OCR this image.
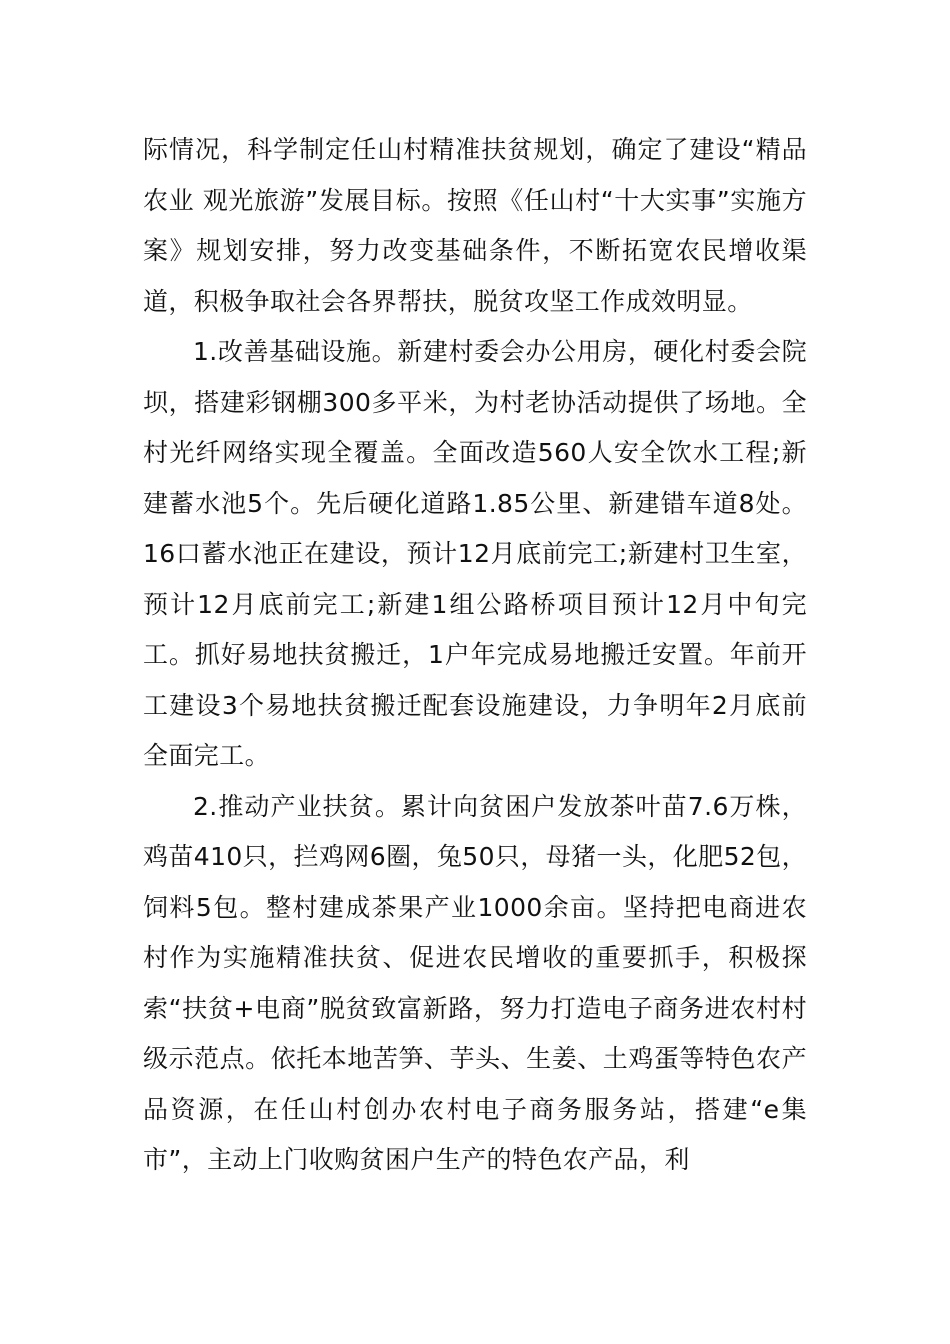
际情况，科学制定任山村精准扶贫规划，确定了建设“精品农业 观光旅游”发展目标。按照《任山村“十大实事”实施方案》规划安排，努力改变基础条件，不断拓宽农民增收渠道，积极争取社会各界帮扶，脱贫攻坚工作成效明显。

1.改善基础设施。新建村委会办公用房，硬化村委会院坝，搭建彩钢棚300多平米，为村老协活动提供了场地。全村光纤网络实现全覆盖。全面改造560人安全饮水工程;新建蓄水池5个。先后硬化道路1.85公里、新建错车道8处。16口蓄水池正在建设，预计12月底前完工;新建村卫生室，预计12月底前完工;新建1组公路桥项目预计12月中旬完工。抓好易地扶贫搬迁，1户年完成易地搬迁安置。年前开工建设3个易地扶贫搬迁配套设施建设，力争明年2月底前全面完工。

2.推动产业扶贫。累计向贫困户发放茶叶苗7.6万株，鸡苗410只，拦鸡网6圈，兔50只，母猪一头，化肥52包，饲料5包。整村建成茶果产业1000余亩。坚持把电商进农村作为实施精准扶贫、促进农民增收的重要抓手，积极探索“扶贫+电商”脱贫致富新路，努力打造电子商务进农村村级示范点。依托本地苦笋、芋头、生姜、土鸡蛋等特色农产品资源，在任山村创办农村电子商务服务站，搭建“e集市”，主动上门收购贫困户生产的特色农产品，利
